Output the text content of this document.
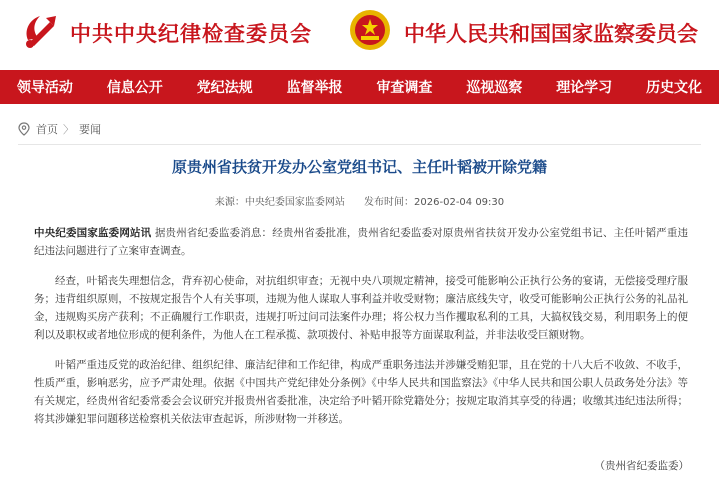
中共中央纪律检查委员会	中华人民共和国国家监察委员会
领导活动	信息公开	党纪法规	监督举报	审查调查	巡视巡察	理论学习	历史文化
首页 〉 要闻
原贵州省扶贫开发办公室党组书记、主任叶韬被开除党籍
来源：中央纪委国家监委网站 发布时间：2026-02-04 09:30

中央纪委国家监委网站讯 据贵州省纪委监委消息：经贵州省委批准，贵州省纪委监委对原贵州省扶贫开发办公室党组书记、主任叶韬严重违纪违法问题进行了立案审查调查。

经查，叶韬丧失理想信念，背弃初心使命，对抗组织审查；无视中央八项规定精神，接受可能影响公正执行公务的宴请，无偿接受理疗服务；违背组织原则，不按规定报告个人有关事项，违规为他人谋取人事利益并收受财物；廉洁底线失守，收受可能影响公正执行公务的礼品礼金，违规购买房产获利；不正确履行工作职责，违规打听过问司法案件办理；将公权力当作攫取私利的工具，大搞权钱交易，利用职务上的便利以及职权或者地位形成的便利条件，为他人在工程承揽、款项拨付、补贴申报等方面谋取利益，并非法收受巨额财物。

叶韬严重违反党的政治纪律、组织纪律、廉洁纪律和工作纪律，构成严重职务违法并涉嫌受贿犯罪，且在党的十八大后不收敛、不收手，性质严重，影响恶劣，应予严肃处理。依据《中国共产党纪律处分条例》《中华人民共和国监察法》《中华人民共和国公职人员政务处分法》等有关规定，经贵州省纪委常委会会议研究并报贵州省委批准，决定给予叶韬开除党籍处分；按规定取消其享受的待遇；收缴其违纪违法所得；将其涉嫌犯罪问题移送检察机关依法审查起诉，所涉财物一并移送。

（贵州省纪委监委）
